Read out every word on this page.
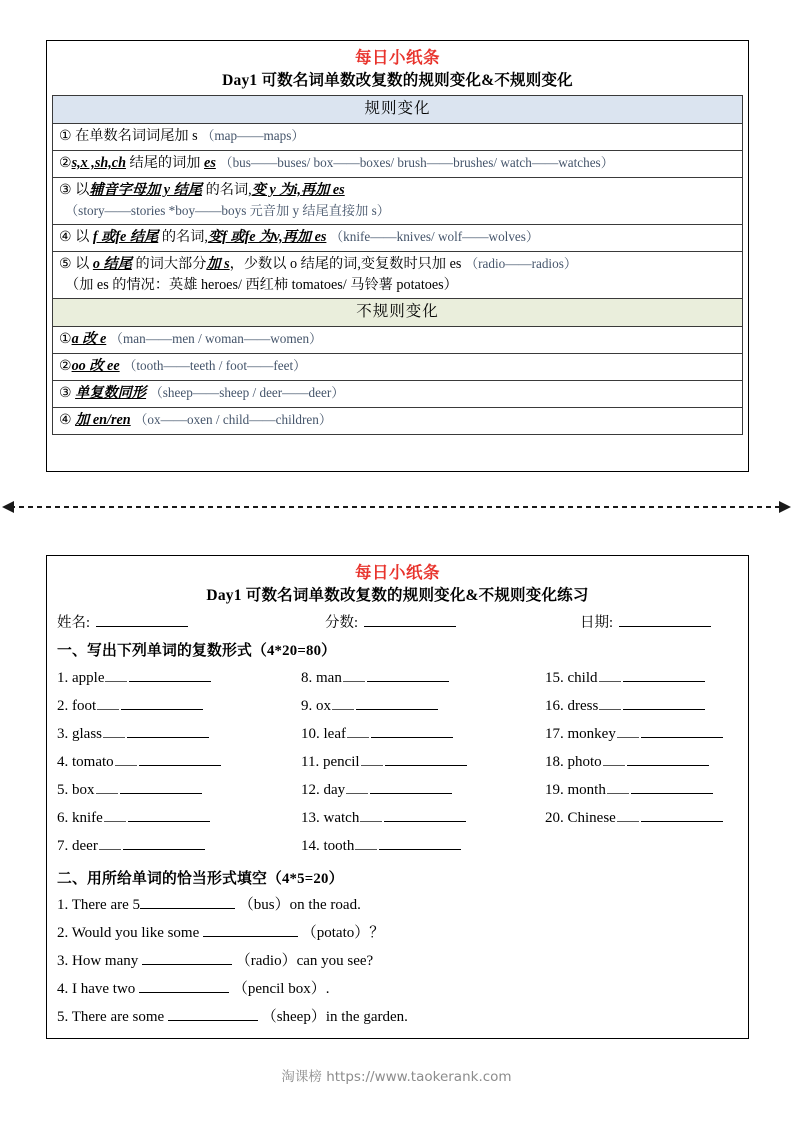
每日小纸条
Day1 可数名词单数改复数的规则变化&不规则变化
规则变化

① 在单数名词词尾加 s （map——maps）

②s,x ,sh,ch 结尾的词加 es （bus——buses/ box——boxes/ brush——brushes/ watch——watches）

③ 以辅音字母加 y 结尾 的名词,变 y 为i,再加 es
（story——stories *boy——boys 元音加 y 结尾直接加 s）

④ 以 f 或fe 结尾 的名词,变f 或fe 为v,再加 es （knife——knives/ wolf——wolves）

⑤ 以 o 结尾 的词大部分加 s，少数以 o 结尾的词,变复数时只加 es （radio——radios）
（加 es 的情况：英雄 heroes/ 西红柿 tomatoes/ 马铃薯 potatoes）

不规则变化

①a 改 e （man——men / woman——women）

②oo 改 ee （tooth——teeth / foot——feet）

③ 单复数同形 （sheep——sheep / deer——deer）

④ 加 en/ren （ox——oxen / child——children）
每日小纸条
Day1 可数名词单数改复数的规则变化&不规则变化练习
姓名:	分数:	日期:
一、写出下列单词的复数形式（4*20=80）
1. apple
2. foot
3. glass
4. tomato
5. box
6. knife
7. deer
8. man
9. ox
10. leaf
11. pencil
12. day
13. watch
14. tooth
15. child
16. dress
17. monkey
18. photo
19. month
20. Chinese
二、用所给单词的恰当形式填空（4*5=20）
1. There are 5	（bus）on the road.
2. Would you like some	（potato）？
3. How many	（radio）can you see?
4. I have two	（pencil box）.
5. There are some	（sheep）in the garden.
淘课榜 https://www.taokerank.com
